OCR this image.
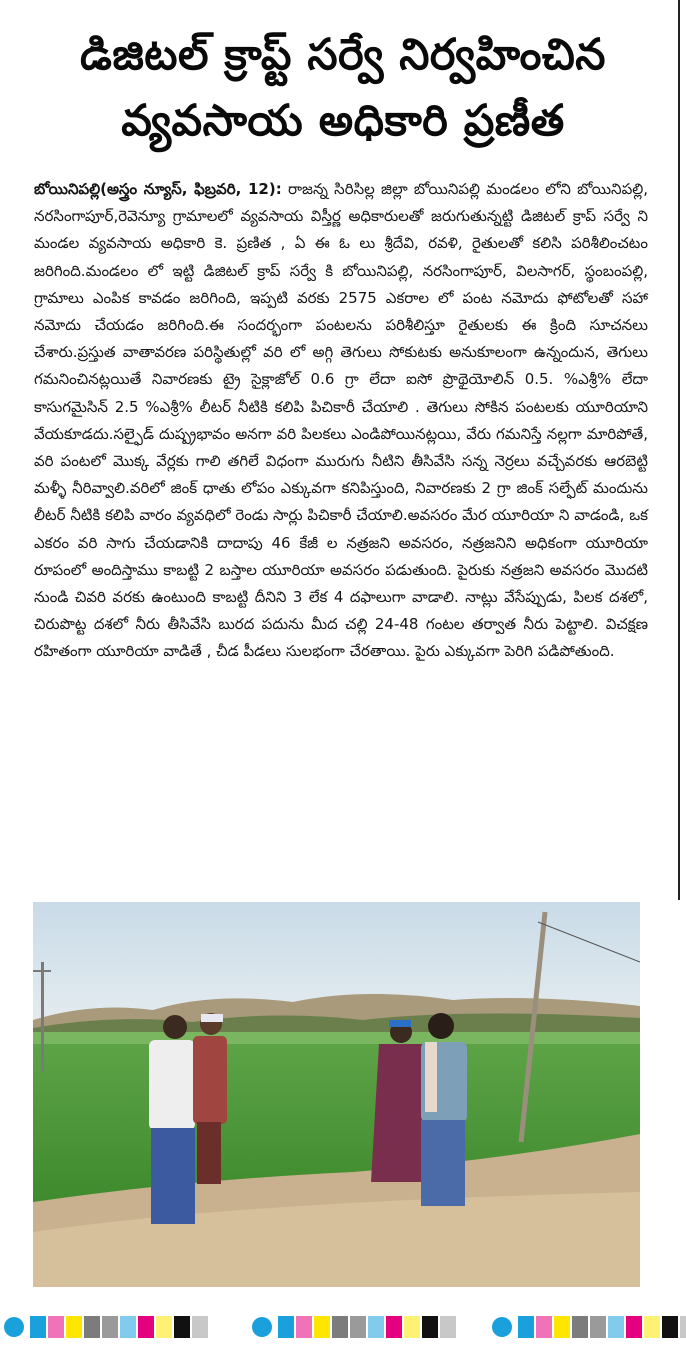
డిజిటల్ క్రాప్ట్ సర్వే నిర్వహించిన
వ్యవసాయ అధికారి ప్రణీత
బోయినిపల్లి(అస్త్రం న్యూస్, ఫిబ్రవరి, 12): రాజన్న సిరిసిల్ల జిల్లా బోయినిపల్లి మండలం లోని బోయినిపల్లి, నరసింగాపూర్,రెవెన్యూ గ్రామాలలో వ్యవసాయ విస్తీర్ణ అధికారులతో జరుగుతున్నట్టి డిజిటల్ క్రాప్ సర్వే ని మండల వ్యవసాయ అధికారి కె. ప్రణిత , ఏ ఈ ఓ లు శ్రీదేవి, రవళి, రైతులతో కలిసి పరిశీలించటం జరిగింది.మండలం లో ఇట్టి డిజిటల్ క్రాప్ సర్వే కి బోయినిపల్లి, నరసింగాపూర్, విలసాగర్, స్థంబంపల్లి, గ్రామాలు ఎంపిక కావడం జరిగింది, ఇప్పటి వరకు 2575 ఎకరాల లో పంట నమోదు ఫోటోలతో సహా నమోదు చేయడం జరిగింది.ఈ సందర్భంగా పంటలను పరిశీలిస్తూ రైతులకు ఈ క్రింది సూచనలు చేశారు.ప్రస్తుత వాతావరణ పరిస్థితుల్లో వరి లో అగ్గి తెగులు సోకుటకు అనుకూలంగా ఉన్నందున, తెగులు గమనించినట్లయితే నివారణకు ట్రై సైక్లాజోల్ 0.6 గ్రా లేదా ఐసో ప్రొథైయోలిన్ 0.5. %ఎశ్రీ% లేదా కాసుగమైసిన్ 2.5 %ఎశ్రీ% లీటర్ నీటికి కలిపి పిచికారీ చేయాలి . తెగులు సోకిన పంటలకు యూరియాని వేయకూడదు.సల్ఫైడ్ దుష్ప్రభావం అనగా వరి పిలకలు ఎండిపోయినట్లయి, వేరు గమనిస్తే నల్లగా మారిపోతే, వరి పంటలో మొక్క వేర్లకు గాలి తగిలే విధంగా మురుగు నీటిని తీసివేసి సన్న నెర్రలు వచ్చేవరకు ఆరబెట్టి మళ్ళీ నీరివ్వాలి.వరిలో జింక్ ధాతు లోపం ఎక్కువగా కనిపిస్తుంది, నివారణకు 2 గ్రా జింక్ సల్ఫేట్ మందును లీటర్ నీటికి కలిపి వారం వ్యవధిలో రెండు సార్లు పిచికారీ చేయాలి.అవసరం మేర యూరియా ని వాడండి, ఒక ఎకరం వరి సాగు చేయడానికి దాదాపు 46 కేజీ ల నత్రజని అవసరం, నత్రజనిని అధికంగా యూరియా రూపంలో అందిస్తాము కాబట్టి 2 బస్తాల యూరియా అవసరం పడుతుంది. పైరుకు నత్రజని అవసరం మొదటి నుండి చివరి వరకు ఉంటుంది కాబట్టి దీనిని 3 లేక 4 దఫాలుగా వాడాలి. నాట్లు వేసేప్పుడు, పిలక దశలో, చిరుపొట్ట దశలో నీరు తీసివేసి బురద పదును మీద చల్లి 24-48 గంటల తర్వాత నీరు పెట్టాలి. విచక్షణ రహితంగా యూరియా వాడితే , చీడ పీడలు సులభంగా చేరతాయి. పైరు ఎక్కువగా పెరిగి పడిపోతుంది.
